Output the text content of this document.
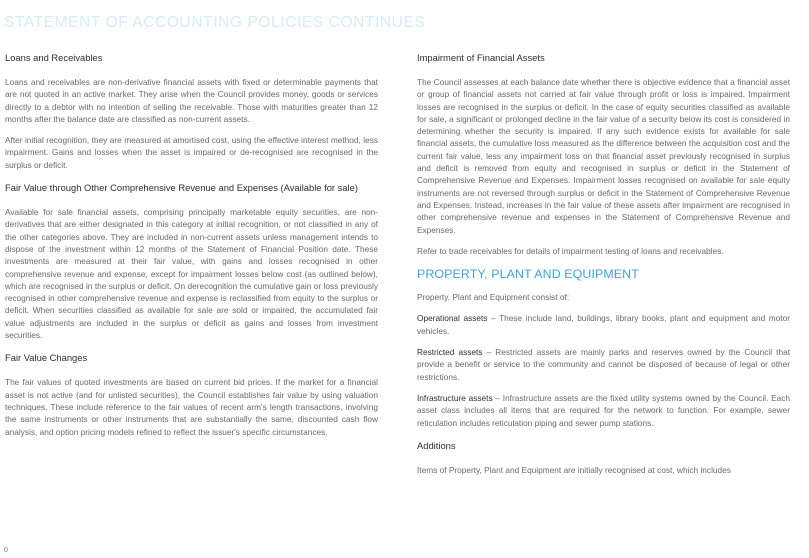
STATEMENT OF ACCOUNTING POLICIES CONTINUES
Loans and Receivables

Loans and receivables are non-derivative financial assets with fixed or determinable payments that are not quoted in an active market. They arise when the Council provides money, goods or services directly to a debtor with no intention of selling the receivable. Those with maturities greater than 12 months after the balance date are classified as non-current assets.

After initial recognition, they are measured at amortised cost, using the effective interest method, less impairment. Gains and losses when the asset is impaired or de-recognised are recognised in the surplus or deficit.

Fair Value through Other Comprehensive Revenue and Expenses (Available for sale)

Available for sale financial assets, comprising principally marketable equity securities, are non-derivatives that are either designated in this category at initial recognition, or not classified in any of the other categories above. They are included in non-current assets unless management intends to dispose of the investment within 12 months of the Statement of Financial Position date. These investments are measured at their fair value, with gains and losses recognised in other comprehensive revenue and expense, except for impairment losses below cost (as outlined below), which are recognised in the surplus or deficit. On derecognition the cumulative gain or loss previously recognised in other comprehensive revenue and expense is reclassified from equity to the surplus or deficit. When securities classified as available for sale are sold or impaired, the accumulated fair value adjustments are included in the surplus or deficit as gains and losses from investment securities.

Fair Value Changes

The fair values of quoted investments are based on current bid prices. If the market for a financial asset is not active (and for unlisted securities), the Council establishes fair value by using valuation techniques. These include reference to the fair values of recent arm's length transactions, involving the same instruments or other instruments that are substantially the same, discounted cash flow analysis, and option pricing models refined to reflect the issuer's specific circumstances.

Impairment of Financial Assets

The Council assesses at each balance date whether there is objective evidence that a financial asset or group of financial assets not carried at fair value through profit or loss is impaired. Impairment losses are recognised in the surplus or deficit. In the case of equity securities classified as available for sale, a significant or prolonged decline in the fair value of a security below its cost is considered in determining whether the security is impaired. If any such evidence exists for available for sale financial assets, the cumulative loss measured as the difference between the acquisition cost and the current fair value, less any impairment loss on that financial asset previously recognised in surplus and deficit is removed from equity and recognised in surplus or deficit in the Statement of Comprehensive Revenue and Expenses. Impairment losses recognised on available for sale equity instruments are not reversed through surplus or deficit in the Statement of Comprehensive Revenue and Expenses. Instead, increases in the fair value of these assets after impairment are recognised in other comprehensive revenue and expenses in the Statement of Comprehensive Revenue and Expenses.

Refer to trade receivables for details of impairment testing of loans and receivables.

PROPERTY, PLANT AND EQUIPMENT

Property, Plant and Equipment consist of:

Operational assets – These include land, buildings, library books, plant and equipment and motor vehicles.

Restricted assets – Restricted assets are mainly parks and reserves owned by the Council that provide a benefit or service to the community and cannot be disposed of because of legal or other restrictions.

Infrastructure assets – Infrastructure assets are the fixed utility systems owned by the Council. Each asset class includes all items that are required for the network to function. For example, sewer reticulation includes reticulation piping and sewer pump stations.

Additions

Items of Property, Plant and Equipment are initially recognised at cost, which includes

0
